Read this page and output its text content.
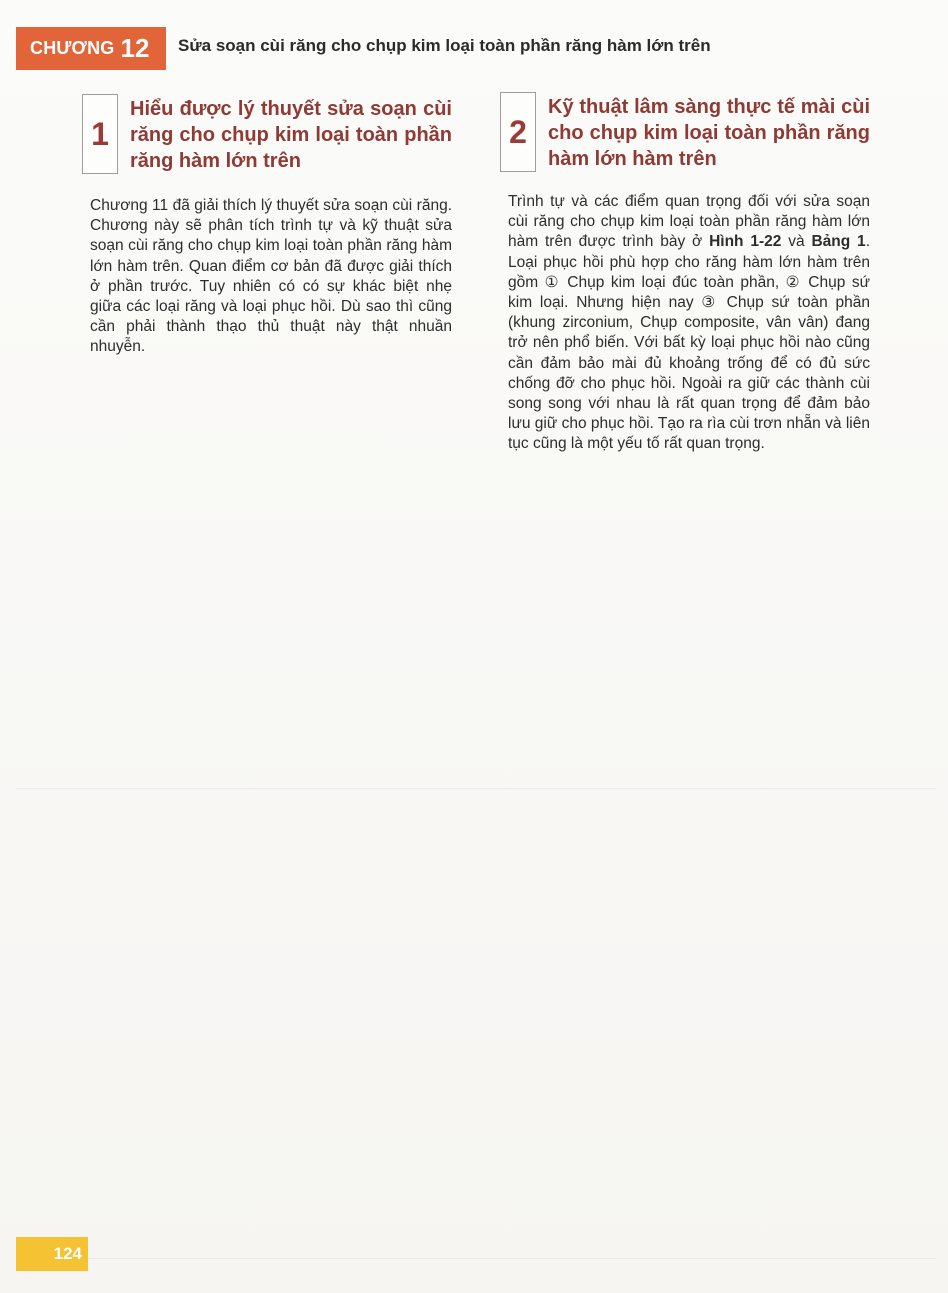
CHƯƠNG 12 Sửa soạn cùi răng cho chụp kim loại toàn phần răng hàm lớn trên
1
Hiểu được lý thuyết sửa soạn cùi răng cho chụp kim loại toàn phần răng hàm lớn trên
2
Kỹ thuật lâm sàng thực tế mài cùi cho chụp kim loại toàn phần răng hàm lớn hàm trên
Chương 11 đã giải thích lý thuyết sửa soạn cùi răng. Chương này sẽ phân tích trình tự và kỹ thuật sửa soạn cùi răng cho chụp kim loại toàn phần răng hàm lớn hàm trên. Quan điểm cơ bản đã được giải thích ở phần trước. Tuy nhiên có có sự khác biệt nhẹ giữa các loại răng và loại phục hồi. Dù sao thì cũng cần phải thành thạo thủ thuật này thật nhuần nhuyễn.
Trình tự và các điểm quan trọng đối với sửa soạn cùi răng cho chụp kim loại toàn phần răng hàm lớn hàm trên được trình bày ở Hình 1-22 và Bảng 1. Loại phục hồi phù hợp cho răng hàm lớn hàm trên gồm ① Chụp kim loại đúc toàn phần, ② Chụp sứ kim loại. Nhưng hiện nay ③ Chụp sứ toàn phần (khung zirconium, Chụp composite, vân vân) đang trở nên phổ biến. Với bất kỳ loại phục hồi nào cũng cần đảm bảo mài đủ khoảng trống để có đủ sức chống đỡ cho phục hồi. Ngoài ra giữ các thành cùi song song với nhau là rất quan trọng để đảm bảo lưu giữ cho phục hồi. Tạo ra rìa cùi trơn nhẵn và liên tục cũng là một yếu tố rất quan trọng.
124
